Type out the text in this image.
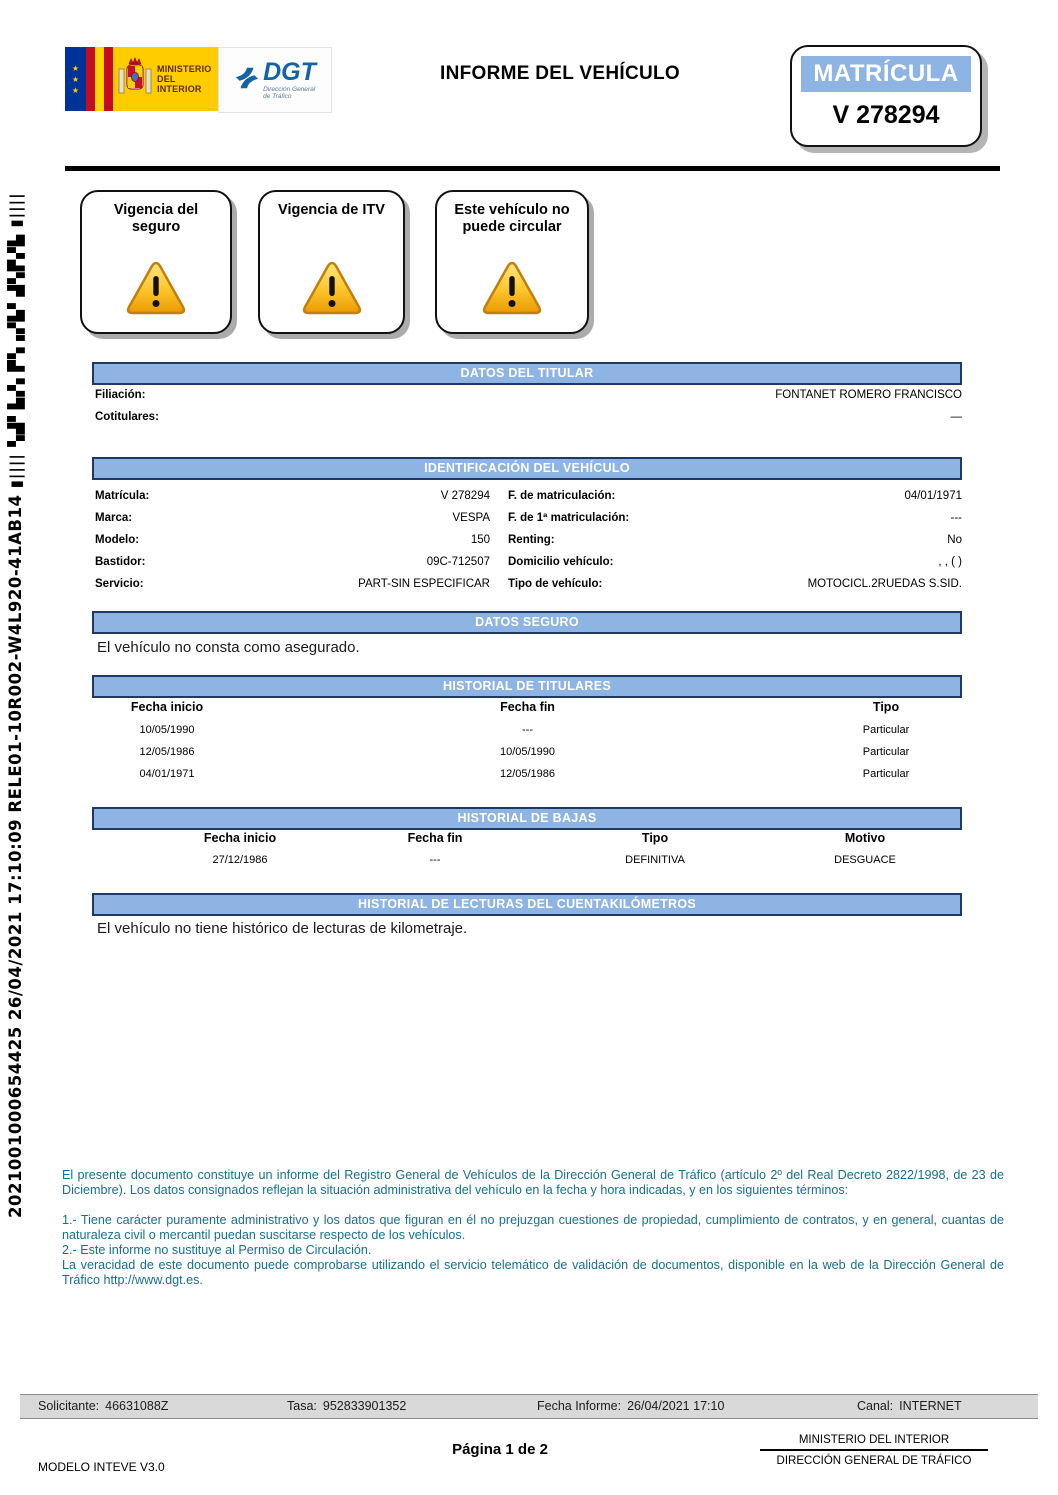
★
★
★
MINISTERIO
DEL INTERIOR
DGT
Dirección General
de Tráfico
INFORME DEL VEHÍCULO	MATRÍCULA
V 278294
Vigencia del seguro
Vigencia de ITV	Este vehículo no puede circular
2021001000654425 26/04/2021 17:10:09 RELE01-10R002-W4L920-41AB14 ▮|||| ▚▟▘▙▞▖▛▚▗▞▙▘▟▚▛▞▙ ▮||||	DATOS DEL TITULAR
Filiación:	FONTANET ROMERO FRANCISCO
Cotitulares:	—
IDENTIFICACIÓN DEL VEHÍCULO
Matrícula:	V 278294 F. de matriculación:	04/01/1971
Marca:	VESPA F. de 1ª matriculación:	---
Modelo:	150 Renting:	No
Bastidor:	09C-712507 Domicilio vehículo:	, , ( )
Servicio:	PART-SIN ESPECIFICAR Tipo de vehículo:	MOTOCICL.2RUEDAS S.SID.
DATOS SEGURO
El vehículo no consta como asegurado.
HISTORIAL DE TITULARES
Fecha inicio	Fecha fin	Tipo
10/05/1990	---	Particular
12/05/1986	10/05/1990	Particular
04/01/1971	12/05/1986	Particular
HISTORIAL DE BAJAS
Fecha inicio	Fecha fin	Tipo	Motivo
27/12/1986	---	DEFINITIVA	DESGUACE
HISTORIAL DE LECTURAS DEL CUENTAKILÓMETROS
El vehículo no tiene histórico de lecturas de kilometraje.

El presente documento constituye un informe del Registro General de Vehículos de la Dirección General de Tráfico (artículo 2º del Real Decreto 2822/1998, de 23 de Diciembre). Los datos consignados reflejan la situación administrativa del vehículo en la fecha y hora indicadas, y en los siguientes términos:

1.- Tiene carácter puramente administrativo y los datos que figuran en él no prejuzgan cuestiones de propiedad, cumplimiento de contratos, y en general, cuantas de naturaleza civil o mercantil puedan suscitarse respecto de los vehículos.

2.- Este informe no sustituye al Permiso de Circulación.

La veracidad de este documento puede comprobarse utilizando el servicio telemático de validación de documentos, disponible en la web de la Dirección General de Tráfico http://www.dgt.es.

Solicitante: 46631088Z	Tasa: 952833901352	Fecha Informe: 26/04/2021 17:10	Canal: INTERNET
MODELO INTEVE V3.0
Página 1 de 2
MINISTERIO DEL INTERIOR
DIRECCIÓN GENERAL DE TRÁFICO
